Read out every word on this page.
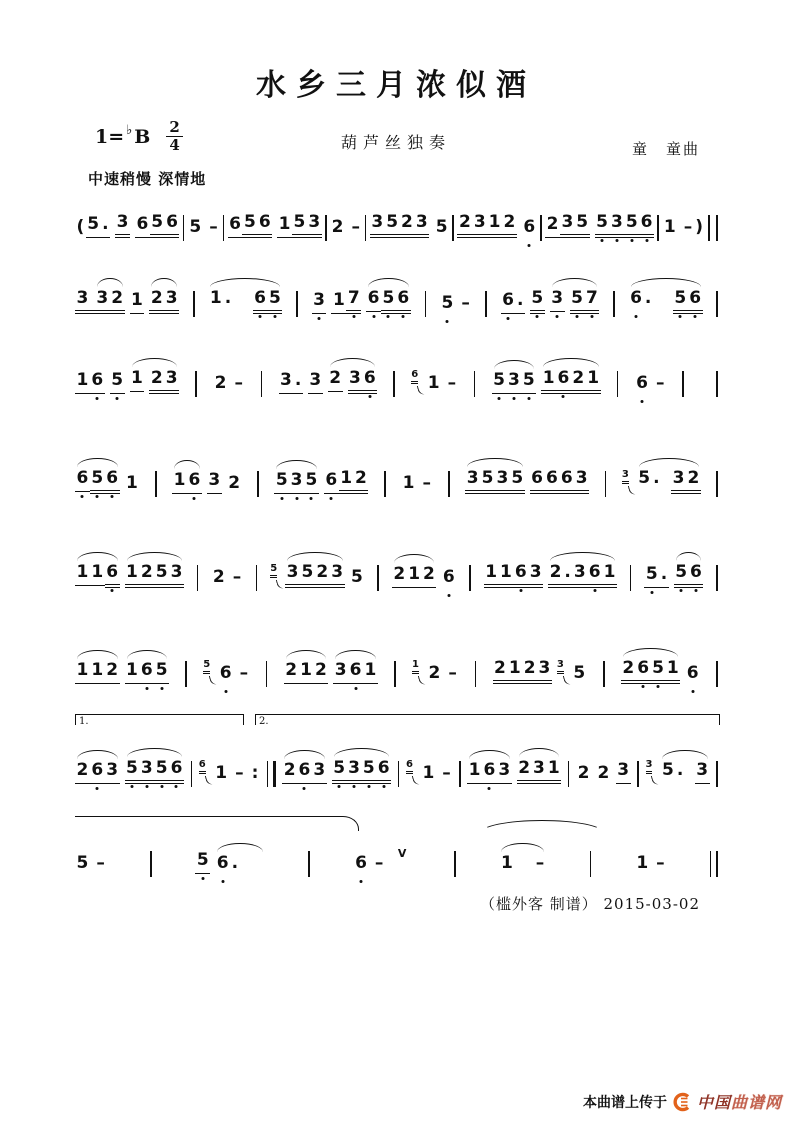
水乡三月浓似酒
1= ♭ B $\frac{2}{4}$	葫芦丝独奏	童　童曲
中速稍慢 深情地
( 5 .
3
6 5 6 5
– 6 5 6
1 5 3 2
– 3 5 2 3
5 2 3 1 2
6 2 3 5
5 3 5 6 1
– )
3 3 2
1
2 3 1 . 6 5 3
1 7
6 5 6 5
– 6 .
5
3 5 7 6 . 5 6
1 6
5
1 2 3 2
– 3 .
3
2 3 6	6 1
– 5 3 5
1 6 2 1 6
–
6 5 6
1 1 6
3
2 5 3 5
6 1 2 1
– 3 5 3 5
6 6 6 3	3 5 . 3 2
1 1 6
1 2 5 3 2
–	5 3 5 2 3
5 2 1 2
6 1 1 6 3
2 . 3 6 1 5 .
5 6
1 1 2
1 6 5	5 6
– 2 1 2
3 6 1	1 2
– 2 1 2 3
3 5 2 6 5 1
6
1.	2.
2 6 3
5 3 5 6 6 1
–
: 2 6 3
5 3 5 6 6 1
– 1 6 3
2 3 1 2
2
3 3 5 . 3
5
–	5
6 .	6
–
V	1 –	1
–
（槛外客 制谱） 2015-03-02
本曲谱上传于 中国曲谱网
